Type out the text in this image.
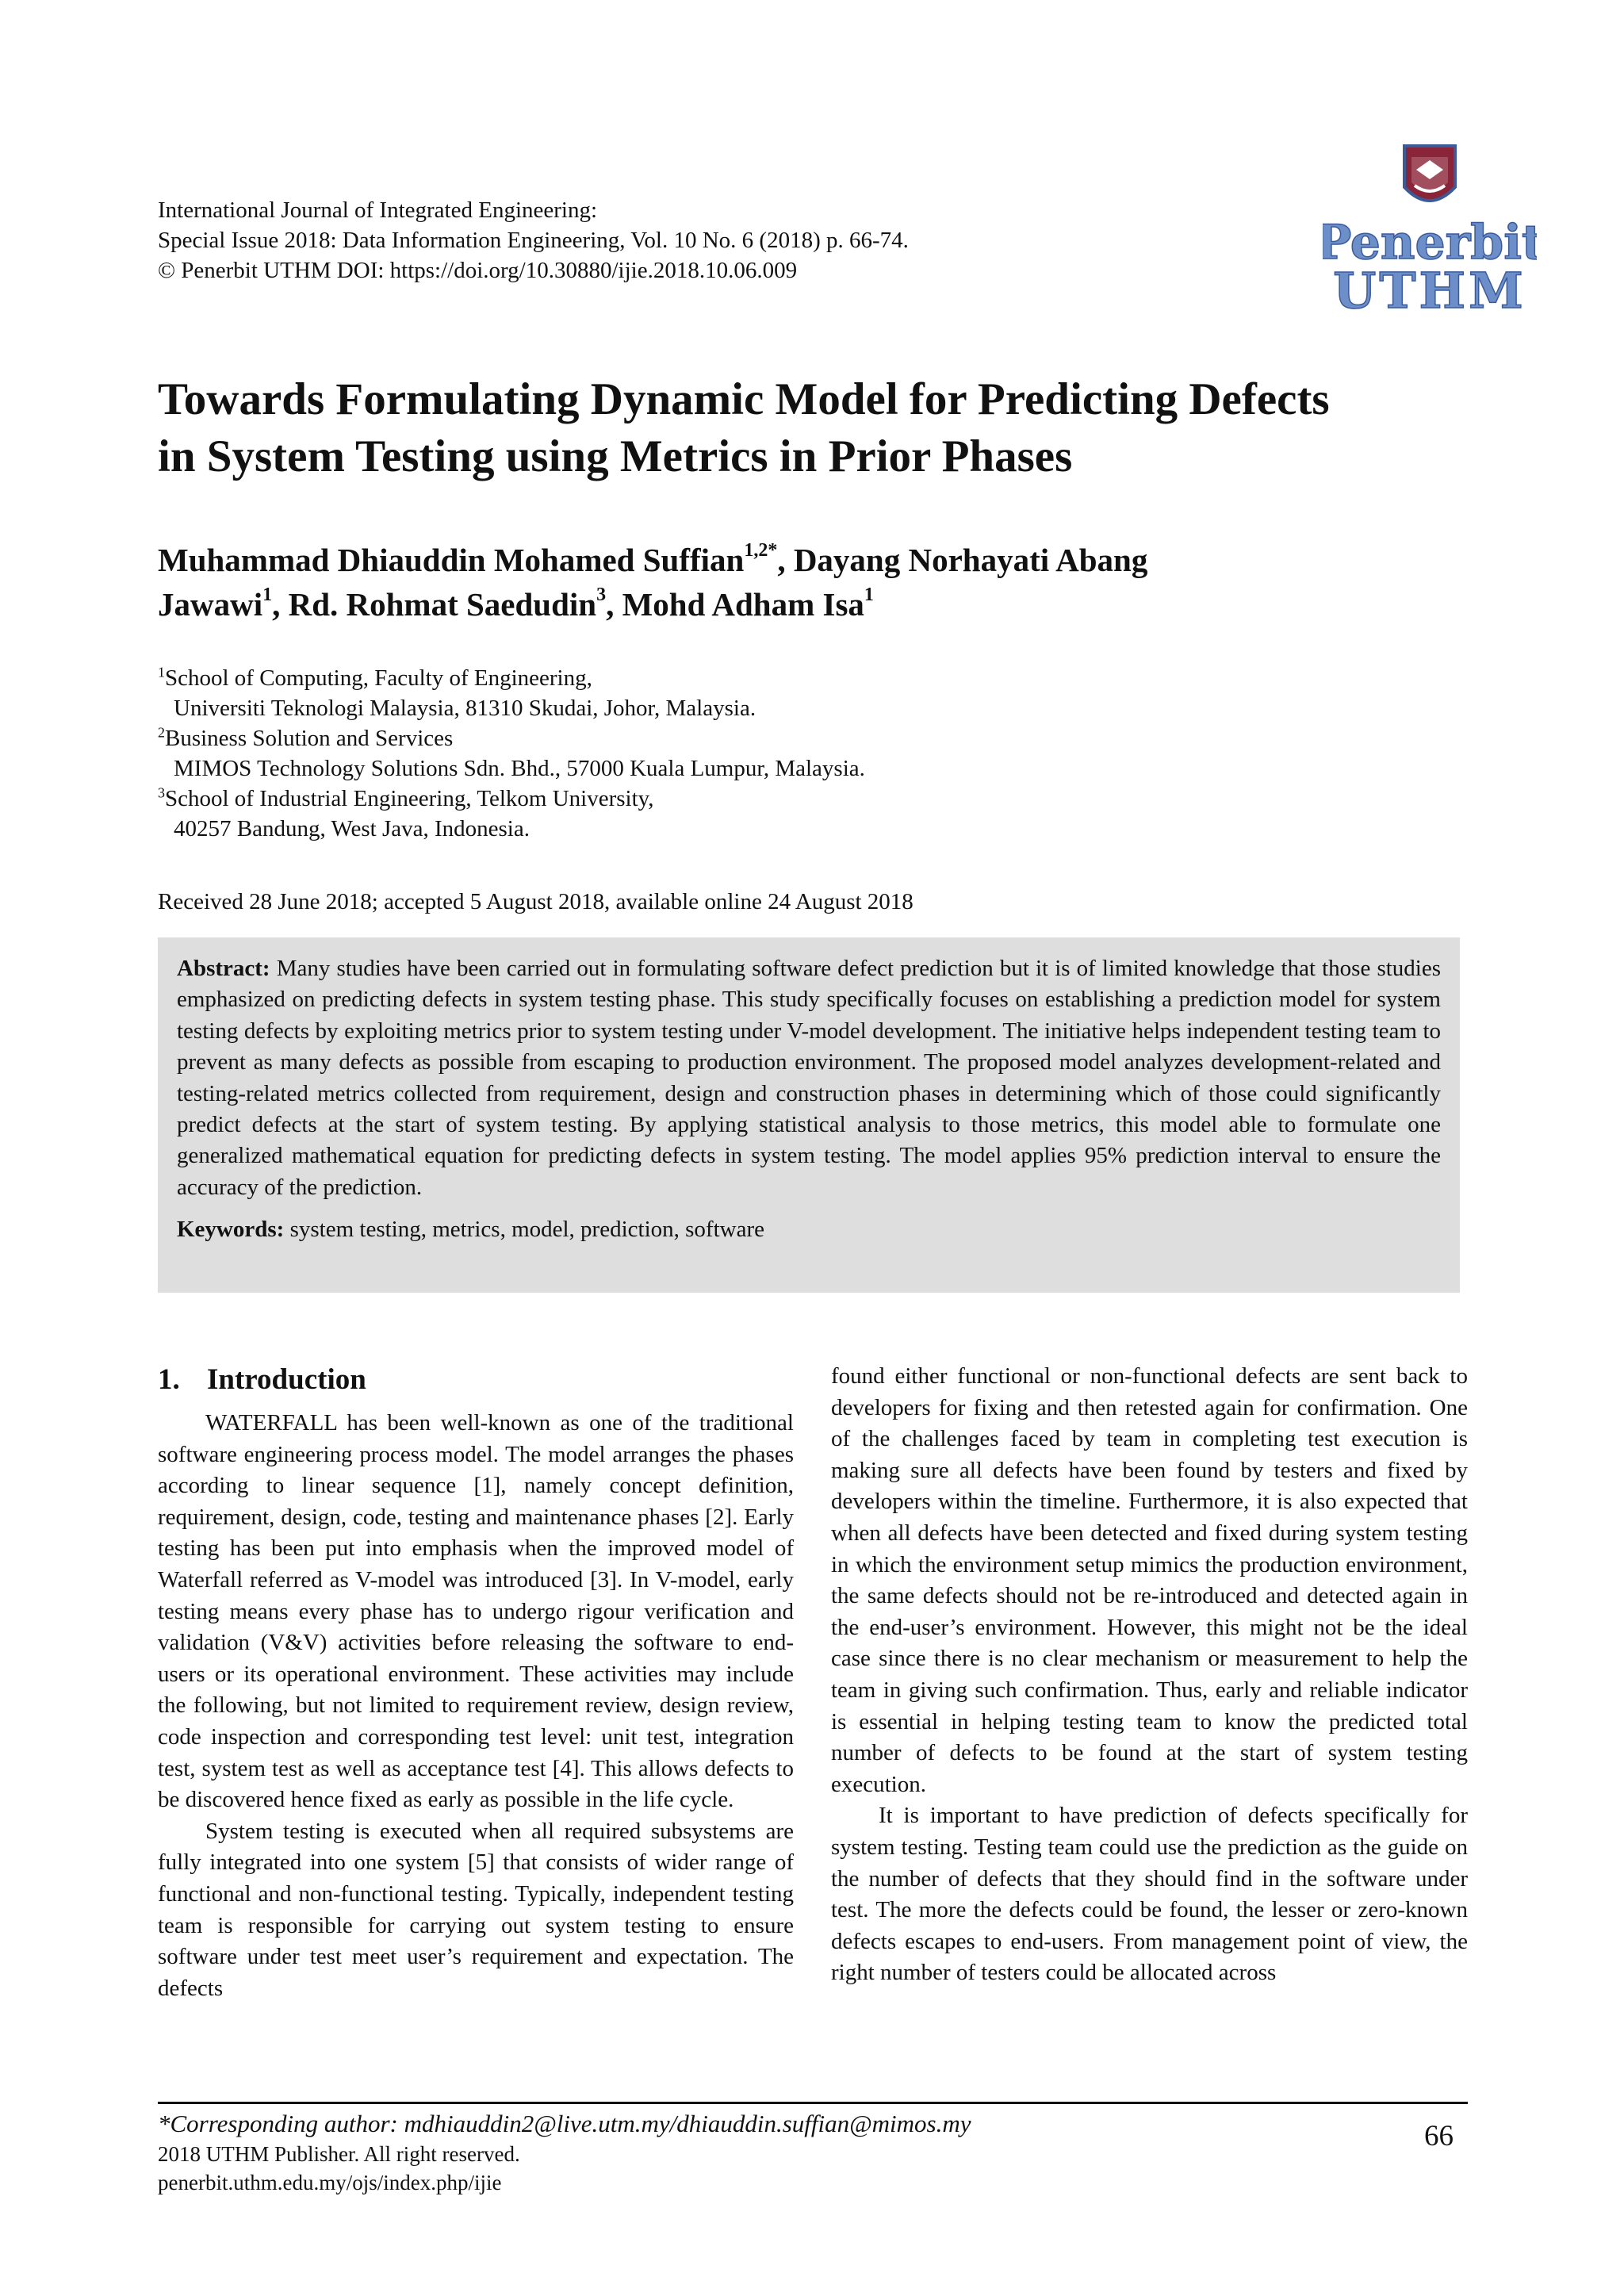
International Journal of Integrated Engineering:

Special Issue 2018: Data Information Engineering, Vol. 10 No. 6 (2018) p. 66-74.

© Penerbit UTHM DOI: https://doi.org/10.30880/ijie.2018.10.06.009	Penerbit
UTHM
Towards Formulating Dynamic Model for Predicting Defects
in System Testing using Metrics in Prior Phases

Muhammad Dhiauddin Mohamed Suffian$^{1,2*}$, Dayang Norhayati Abang
Jawawi$^1$, Rd. Rohmat Saedudin$^3$, Mohd Adham Isa$^1$

$^1$School of Computing, Faculty of Engineering,

Universiti Teknologi Malaysia, 81310 Skudai, Johor, Malaysia.

$^2$Business Solution and Services

MIMOS Technology Solutions Sdn. Bhd., 57000 Kuala Lumpur, Malaysia.

$^3$School of Industrial Engineering, Telkom University,

40257 Bandung, West Java, Indonesia.

Received 28 June 2018; accepted 5 August 2018, available online 24 August 2018

Abstract: Many studies have been carried out in formulating software defect prediction but it is of limited knowledge that those studies emphasized on predicting defects in system testing phase. This study specifically focuses on establishing a prediction model for system testing defects by exploiting metrics prior to system testing under V-model development. The initiative helps independent testing team to prevent as many defects as possible from escaping to production environment. The proposed model analyzes development-related and testing-related metrics collected from requirement, design and construction phases in determining which of those could significantly predict defects at the start of system testing. By applying statistical analysis to those metrics, this model able to formulate one generalized mathematical equation for predicting defects in system testing. The model applies 95% prediction interval to ensure the accuracy of the prediction.

Keywords: system testing, metrics, model, prediction, software

1. Introduction

WATERFALL has been well-known as one of the traditional software engineering process model. The model arranges the phases according to linear sequence [1], namely concept definition, requirement, design, code, testing and maintenance phases [2]. Early testing has been put into emphasis when the improved model of Waterfall referred as V-model was introduced [3]. In V-model, early testing means every phase has to undergo rigour verification and validation (V&V) activities before releasing the software to end-users or its operational environment. These activities may include the following, but not limited to requirement review, design review, code inspection and corresponding test level: unit test, integration test, system test as well as acceptance test [4]. This allows defects to be discovered hence fixed as early as possible in the life cycle.

System testing is executed when all required subsystems are fully integrated into one system [5] that consists of wider range of functional and non-functional testing. Typically, independent testing team is responsible for carrying out system testing to ensure software under test meet user’s requirement and expectation. The defects

found either functional or non-functional defects are sent back to developers for fixing and then retested again for confirmation. One of the challenges faced by team in completing test execution is making sure all defects have been found by testers and fixed by developers within the timeline. Furthermore, it is also expected that when all defects have been detected and fixed during system testing in which the environment setup mimics the production environment, the same defects should not be re-introduced and detected again in the end-user’s environment. However, this might not be the ideal case since there is no clear mechanism or measurement to help the team in giving such confirmation. Thus, early and reliable indicator is essential in helping testing team to know the predicted total number of defects to be found at the start of system testing execution.

It is important to have prediction of defects specifically for system testing. Testing team could use the prediction as the guide on the number of defects that they should find in the software under test. The more the defects could be found, the lesser or zero-known defects escapes to end-users. From management point of view, the right number of testers could be allocated across

*Corresponding author: mdhiauddin2@live.utm.my/dhiauddin.suffian@mimos.my

2018 UTHM Publisher. All right reserved.

penerbit.uthm.edu.my/ojs/index.php/ijie

66
